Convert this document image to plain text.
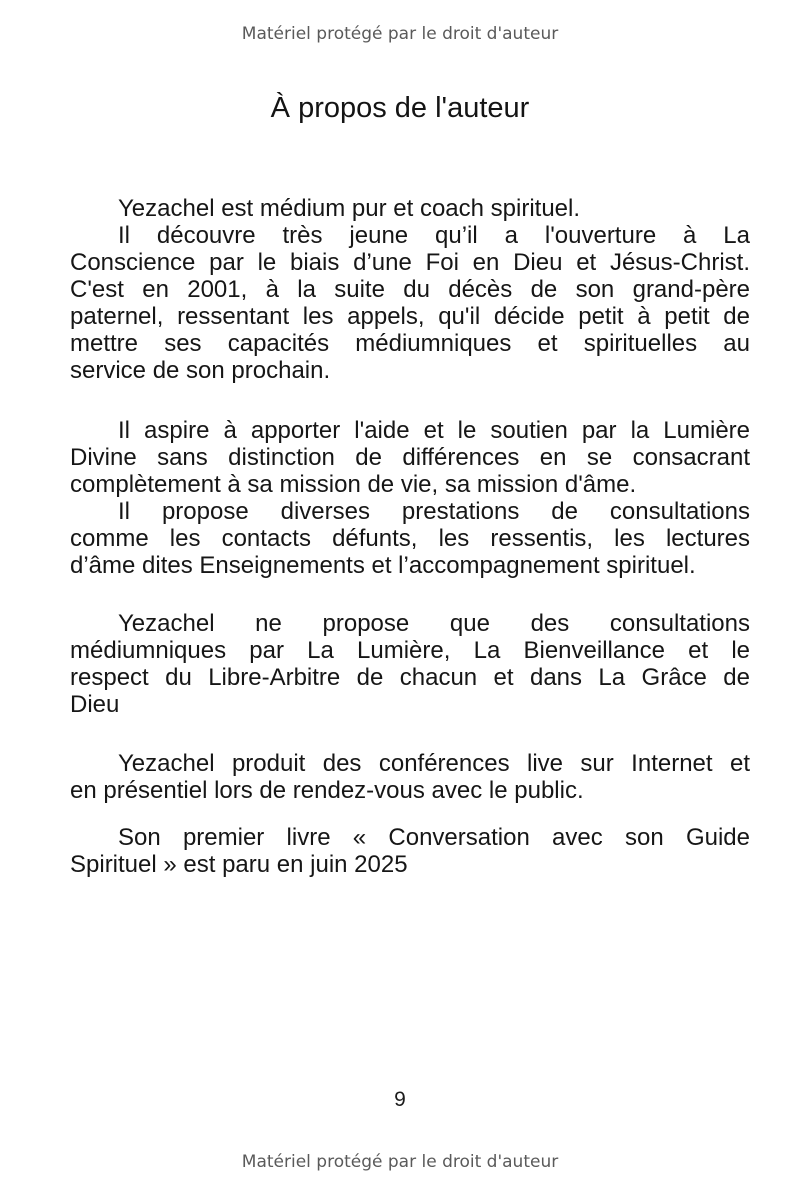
Matériel protégé par le droit d'auteur
À propos de l'auteur
Yezachel est médium pur et coach spirituel.
Il découvre très jeune qu’il a l'ouverture à La
Conscience par le biais d’une Foi en Dieu et Jésus-Christ.
C'est en 2001, à la suite du décès de son grand-père
paternel, ressentant les appels, qu'il décide petit à petit de
mettre ses capacités médiumniques et spirituelles au
service de son prochain.
Il aspire à apporter l'aide et le soutien par la Lumière
Divine sans distinction de différences en se consacrant
complètement à sa mission de vie, sa mission d'âme.
Il propose diverses prestations de consultations
comme les contacts défunts, les ressentis, les lectures
d’âme dites Enseignements et l’accompagnement spirituel.
Yezachel ne propose que des consultations
médiumniques par La Lumière, La Bienveillance et le
respect du Libre-Arbitre de chacun et dans La Grâce de
Dieu
Yezachel produit des conférences live sur Internet et
en présentiel lors de rendez-vous avec le public.
Son premier livre « Conversation avec son Guide
Spirituel » est paru en juin 2025
9
Matériel protégé par le droit d'auteur
